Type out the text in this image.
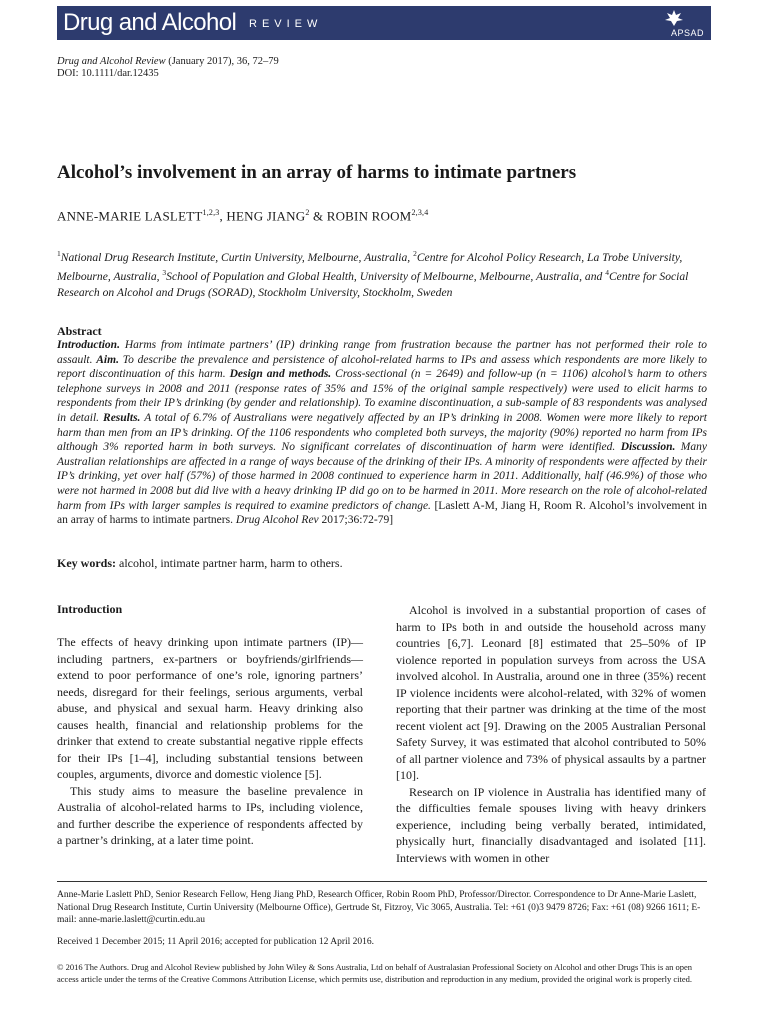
Drug and Alcohol REVIEW
APSAD
Drug and Alcohol Review (January 2017), 36, 72–79
DOI: 10.1111/dar.12435
Alcohol’s involvement in an array of harms to intimate partners
ANNE-MARIE LASLETT$^{1,2,3}$, HENG JIANG$^2$ & ROBIN ROOM$^{2,3,4}$
$^1$National Drug Research Institute, Curtin University, Melbourne, Australia, $^2$Centre for Alcohol Policy Research, La Trobe University, Melbourne, Australia, $^3$School of Population and Global Health, University of Melbourne, Melbourne, Australia, and $^4$Centre for Social Research on Alcohol and Drugs (SORAD), Stockholm University, Stockholm, Sweden
Abstract
Introduction. Harms from intimate partners’ (IP) drinking range from frustration because the partner has not performed their role to assault. Aim. To describe the prevalence and persistence of alcohol-related harms to IPs and assess which respondents are more likely to report discontinuation of this harm. Design and methods. Cross-sectional (n = 2649) and follow-up (n = 1106) alcohol’s harm to others telephone surveys in 2008 and 2011 (response rates of 35% and 15% of the original sample respectively) were used to elicit harms to respondents from their IP’s drinking (by gender and relationship). To examine discontinuation, a sub-sample of 83 respondents was analysed in detail. Results. A total of 6.7% of Australians were negatively affected by an IP’s drinking in 2008. Women were more likely to report harm than men from an IP’s drinking. Of the 1106 respondents who completed both surveys, the majority (90%) reported no harm from IPs although 3% reported harm in both surveys. No significant correlates of discontinuation of harm were identified. Discussion. Many Australian relationships are affected in a range of ways because of the drinking of their IPs. A minority of respondents were affected by their IP’s drinking, yet over half (57%) of those harmed in 2008 continued to experience harm in 2011. Additionally, half (46.9%) of those who were not harmed in 2008 but did live with a heavy drinking IP did go on to be harmed in 2011. More research on the role of alcohol-related harm from IPs with larger samples is required to examine predictors of change. [Laslett A-M, Jiang H, Room R. Alcohol’s involvement in an array of harms to intimate partners. Drug Alcohol Rev 2017;36:72-79]
Key words: alcohol, intimate partner harm, harm to others.
Introduction

The effects of heavy drinking upon intimate partners (IP)—including partners, ex-partners or boyfriends/girlfriends—extend to poor performance of one’s role, ignoring partners’ needs, disregard for their feelings, serious arguments, verbal abuse, and physical and sexual harm. Heavy drinking also causes health, financial and relationship problems for the drinker that extend to create substantial negative ripple effects for their IPs [1–4], including substantial tensions between couples, arguments, divorce and domestic violence [5].

This study aims to measure the baseline prevalence in Australia of alcohol-related harms to IPs, including violence, and further describe the experience of respondents affected by a partner’s drinking, at a later time point.

Alcohol is involved in a substantial proportion of cases of harm to IPs both in and outside the household across many countries [6,7]. Leonard [8] estimated that 25–50% of IP violence reported in population surveys from across the USA involved alcohol. In Australia, around one in three (35%) recent IP violence incidents were alcohol-related, with 32% of women reporting that their partner was drinking at the time of the most recent violent act [9]. Drawing on the 2005 Australian Personal Safety Survey, it was estimated that alcohol contributed to 50% of all partner violence and 73% of physical assaults by a partner [10].

Research on IP violence in Australia has identified many of the difficulties female spouses living with heavy drinkers experience, including being verbally berated, intimidated, physically hurt, financially disadvantaged and isolated [11]. Interviews with women in other

Anne-Marie Laslett PhD, Senior Research Fellow, Heng Jiang PhD, Research Officer, Robin Room PhD, Professor/Director. Correspondence to Dr Anne-Marie Laslett, National Drug Research Institute, Curtin University (Melbourne Office), Gertrude St, Fitzroy, Vic 3065, Australia. Tel: +61 (0)3 9479 8726; Fax: +61 (08) 9266 1611; E-mail: anne-marie.laslett@curtin.edu.au
Received 1 December 2015; 11 April 2016; accepted for publication 12 April 2016.
© 2016 The Authors. Drug and Alcohol Review published by John Wiley & Sons Australia, Ltd on behalf of Australasian Professional Society on Alcohol and other Drugs This is an open access article under the terms of the Creative Commons Attribution License, which permits use, distribution and reproduction in any medium, provided the original work is properly cited.
